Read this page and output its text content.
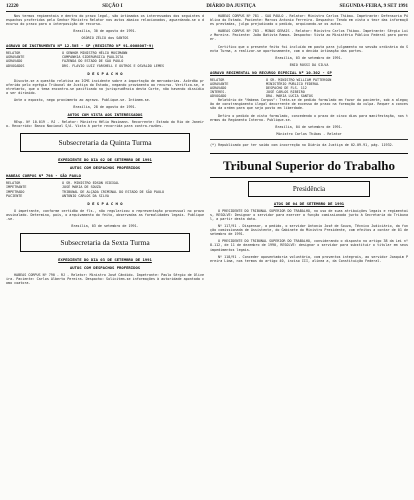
12220	SEÇÃO I	DIÁRIO DA JUSTIÇA	SEGUNDA-FEIRA, 9 SET 1991

Nos termos regimentais e dentro do prazo legal, são intimados os interessados dos seguintes despachos proferidos pelo Senhor Ministro Relator nos autos abaixo relacionados, aguardando-se o decurso do prazo para a interposição de recurso.

Brasília, 30 de agosto de 1991.
OSÓRIO ZÉLIO dos SANTOS
AGRAVO DE INSTRUMENTO Nº 12.505 - SP (REGISTRO Nº 91.0008007-9)
RELATOR	O SENHOR MINISTRO HÉLIO MOSIMANN
AGRAVANTE	COMPANHIA SIDERÚRGICA PAULISTA
AGRAVADO	FAZENDA DO ESTADO DE SÃO PAULO
ADVOGADOS	DRS. FLAVIO LUIZ YARSHELL E OUTROS E OSVALDO LEMES
D E S P A C H O

Discute-se a questão relativa ao ICMS incidente sobre a importação de mercadorias. Acórdão proferido pelo egrégio Tribunal de Justiça do Estado, negando provimento ao recurso. Verifica-se, entretanto, que o tema encontra-se pacificado na jurisprudência desta Corte, não havendo dissídio a ser dirimido.

Ante o exposto, nego provimento ao agravo. Publique-se. Intimem-se.

Brasília, 28 de agosto de 1991.
AUTOS COM VISTA AOS INTERESSADOS

REsp. Nº 10.019 - RJ - Relator: Ministro Hélio Mosimann. Recorrente: Estado do Rio de Janeiro. Recorrido: Banco Nacional S/A. Vista à parte recorrida para contra-razões.

Subsecretaria da Quinta Turma
EXPEDIENTE DO DIA 02 DE SETEMBRO DE 1991
AUTOS COM DESPACHOS PROFERIDOS
HABEAS CORPUS Nº 798 - SÃO PAULO
RELATOR	O SR. MINISTRO EDSON VIDIGAL
IMPETRANTE	JOSÉ MARIA DE SOUZA
IMPETRADO	TRIBUNAL DE ALÇADA CRIMINAL DO ESTADO DE SÃO PAULO
PACIENTE	ANTONIO CARLOS DA SILVA
D E S P A C H O

O impetrante, conforme certidão de fls., não regularizou a representação processual no prazo assinalado. Determino, pois, o arquivamento do feito, observadas as formalidades legais. Publique-se.

Brasília, 03 de setembro de 1991.
Subsecretaria da Sexta Turma
EXPEDIENTE DO DIA 03 DE SETEMBRO DE 1991
AUTOS COM DESPACHOS PROFERIDOS

HABEAS CORPUS Nº 790 - RJ - Relator: Ministro José Cândido. Impetrante: Paulo Sérgio de Oliveira. Paciente: Carlos Alberto Pereira. Despacho: Solicitem-se informações à autoridade apontada como coatora.

HABEAS CORPUS Nº 781 - SÃO PAULO - Relator: Ministro Carlos Thibau. Impetrante: Defensoria Pública do Estado. Paciente: Marcos Antonio Ferreira. Despacho: Tendo em vista o teor das informações prestadas, julgo prejudicado o pedido, arquivando-se os autos.

HABEAS CORPUS Nº 783 - MINAS GERAIS - Relator: Ministro Carlos Thibau. Impetrante: Sérgio Luiz Moreira. Paciente: João Batista Ramos. Despacho: Vista ao Ministério Público Federal para parecer.

Certifico que o presente feito foi incluído em pauta para julgamento na sessão ordinária da Sexta Turma, a realizar-se oportunamente, com a devida intimação das partes.

Brasília, 03 de setembro de 1991.
ENIO ROSSI DA SILVA
AGRAVO REGIMENTAL NO RECURSO ESPECIAL Nº 10.302 - SP
RELATOR	O SR. MINISTRO WILLIAM PATTERSON
AGRAVANTE	MINISTÉRIO PÚBLICO FEDERAL
AGRAVADO	DESPACHO DE FLS. 112
INTERES.	JOSÉ CARLOS RIBEIRO
ADVOGADO	DRA. MARIA LÚCIA SANTOS

Relatório de "Habeas Corpus": Trata-se de pedido formulado em favor do paciente, sob a alegação de constrangimento ilegal decorrente de excesso de prazo na formação da culpa. Requer a concessão da ordem para que seja posto em liberdade.

Defiro o pedido de vista formulado, concedendo o prazo de cinco dias para manifestação, nos termos do Regimento Interno. Publique-se.

Brasília, 04 de setembro de 1991.
Ministro Carlos Thibau - Relator
(*) Republicado por ter saído com incorreção no Diário da Justiça de 02.09.91, pág. 11932.
Tribunal Superior do Trabalho
Presidência
ATOS DE 04 DE SETEMBRO DE 1991

O PRESIDENTE DO TRIBUNAL SUPERIOR DO TRABALHO, no uso de suas atribuições legais e regimentais, RESOLVE: Designar o servidor para exercer a função comissionada junto à Secretaria do Tribunal, a partir desta data.

Nº 117/91 - Dispensar, a pedido, o servidor Antonio José de Souza, Técnico Judiciário, da função comissionada de Assistente, do Gabinete do Ministro Presidente, com efeitos a contar de 01 de setembro de 1991.

O PRESIDENTE DO TRIBUNAL SUPERIOR DO TRABALHO, considerando o disposto no artigo 38 da Lei nº 8.112, de 11 de dezembro de 1990, RESOLVE: designar o servidor para substituir o titular em seus impedimentos legais.

Nº 118/91 - Conceder aposentadoria voluntária, com proventos integrais, ao servidor Joaquim Pereira Lima, nos termos do artigo 40, inciso III, alínea a, da Constituição Federal.
